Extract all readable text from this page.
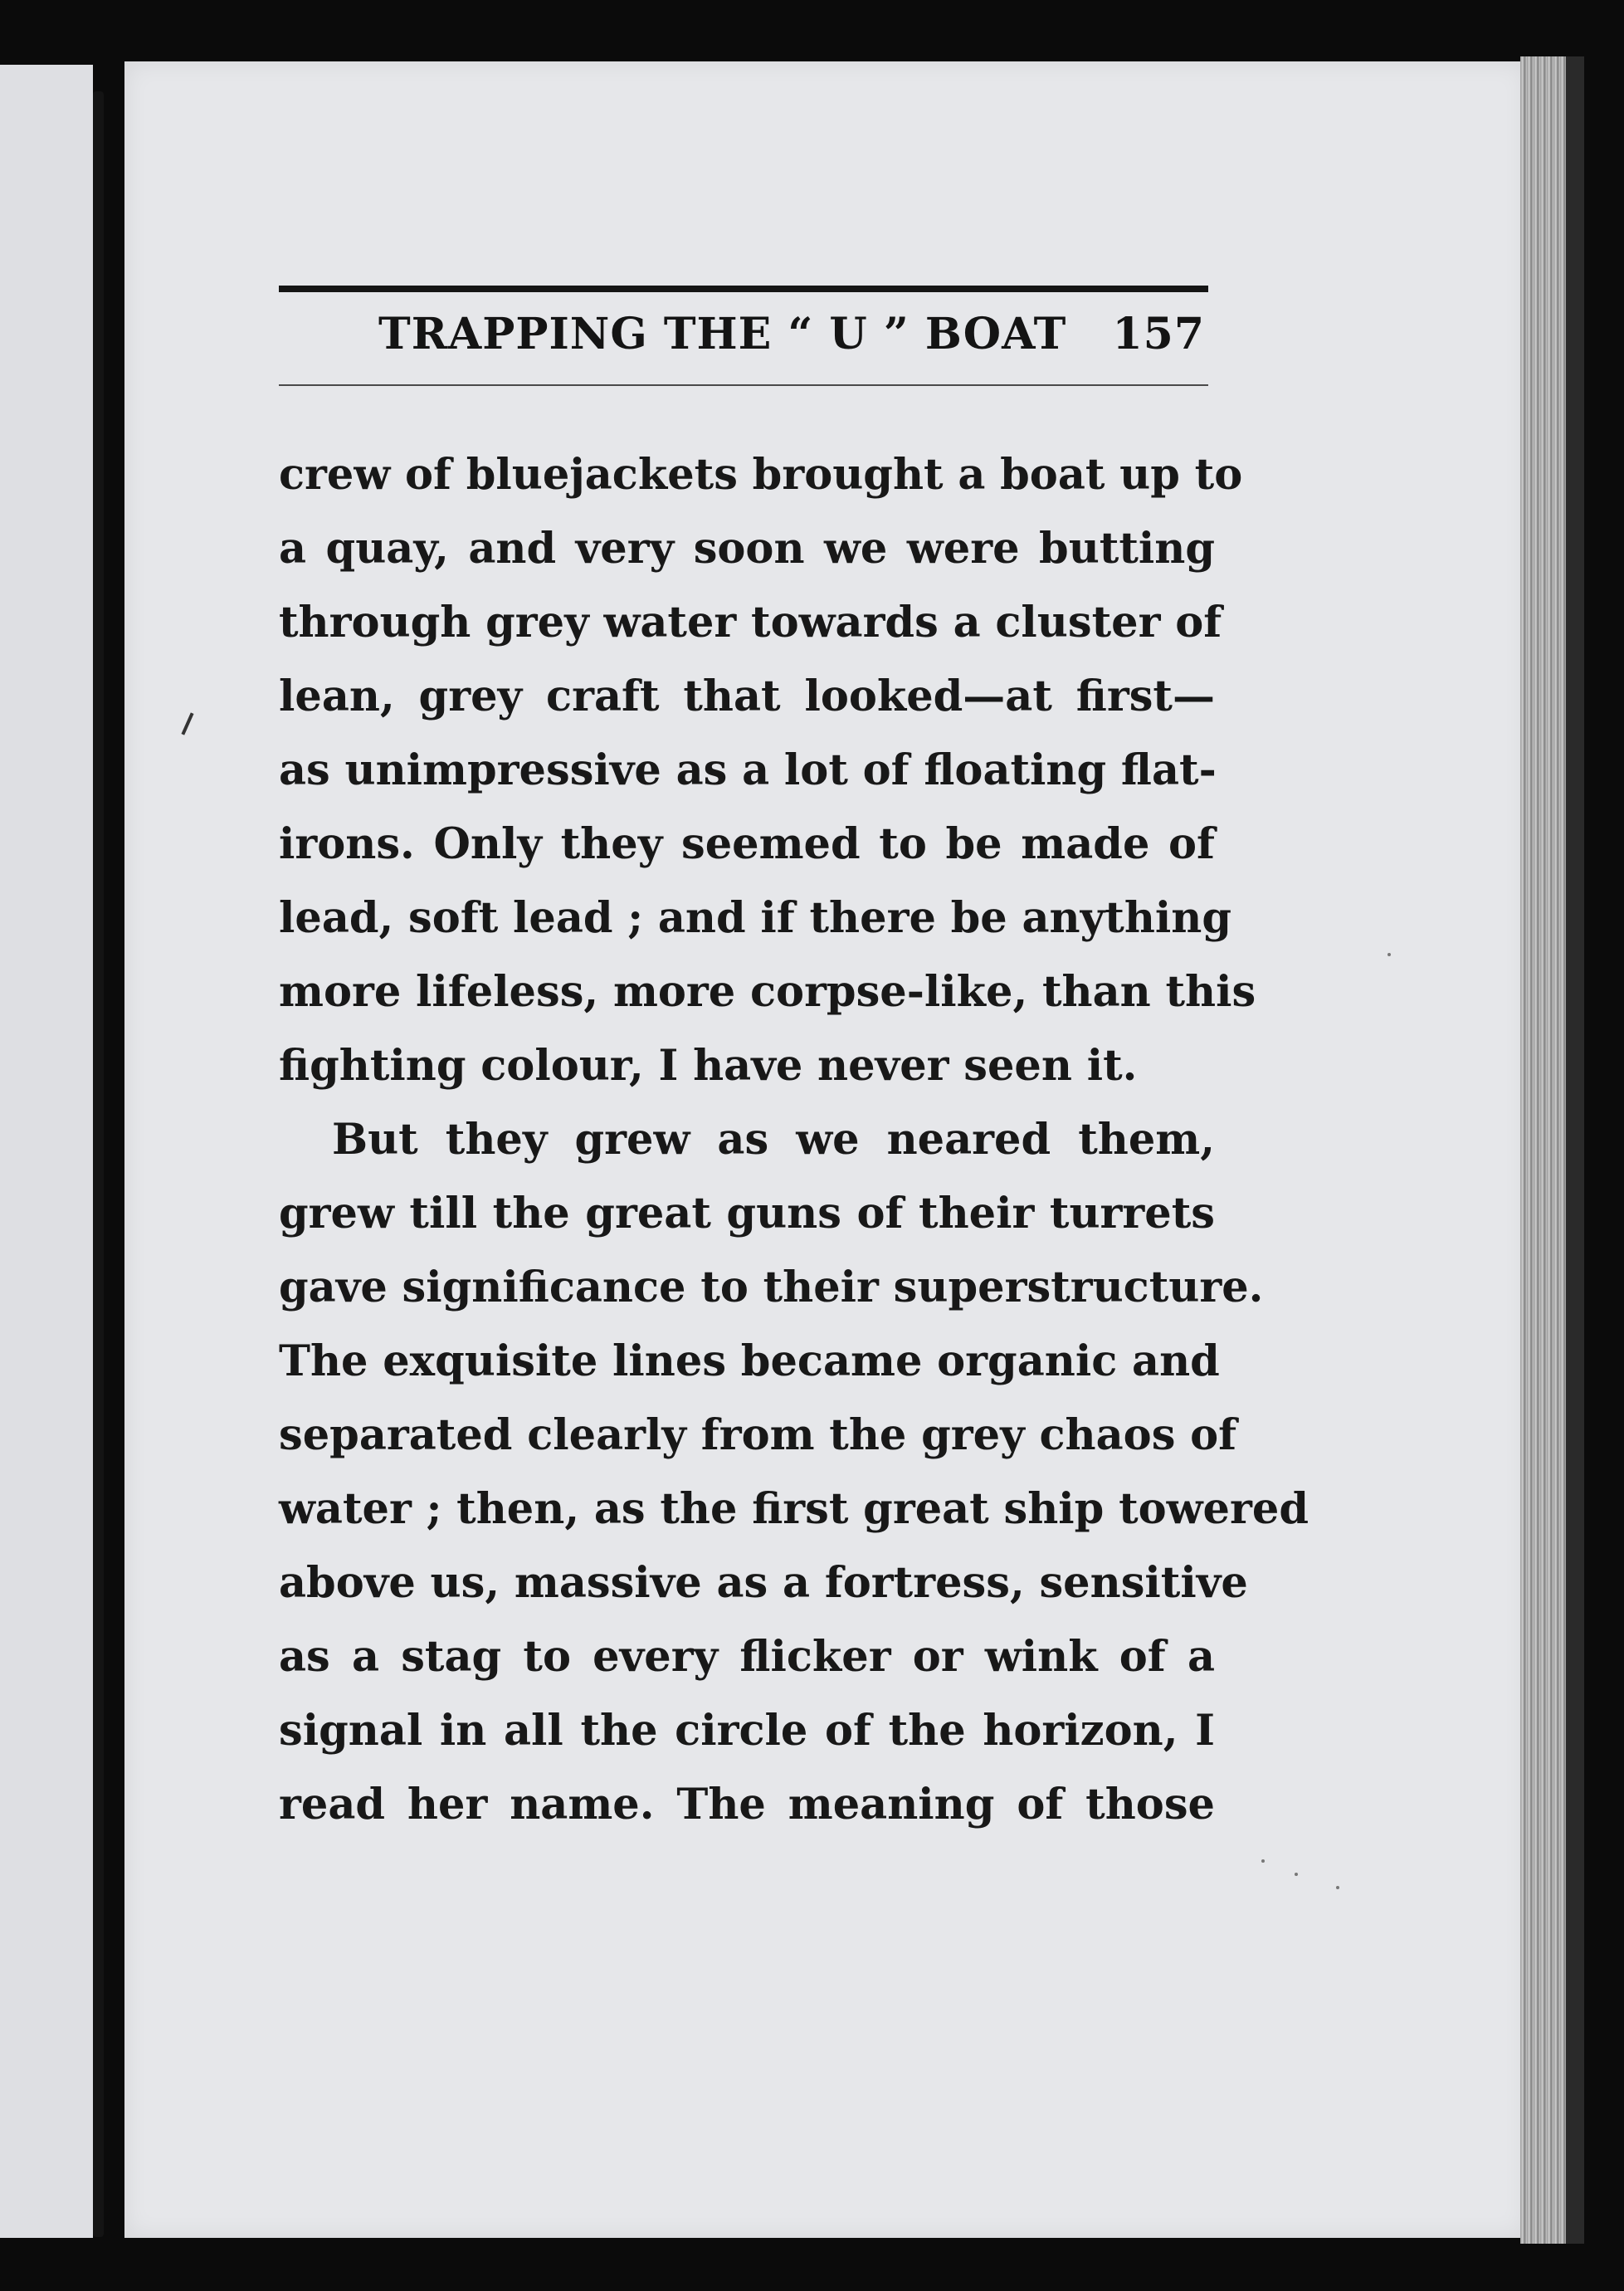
TRAPPING THE “ U ” BOAT 157
crew of bluejackets brought a boat up to
a quay, and very soon we were butting
through grey water towards a cluster of
lean, grey craft that looked—at first—
as unimpressive as a lot of floating flat-
irons. Only they seemed to be made of
lead, soft lead ; and if there be anything
more lifeless, more corpse-like, than this
fighting colour, I have never seen it.
But they grew as we neared them,
grew till the great guns of their turrets
gave significance to their superstructure.
The exquisite lines became organic and
separated clearly from the grey chaos of
water ; then, as the first great ship towered
above us, massive as a fortress, sensitive
as a stag to every flicker or wink of a
signal in all the circle of the horizon, I
read her name. The meaning of those
